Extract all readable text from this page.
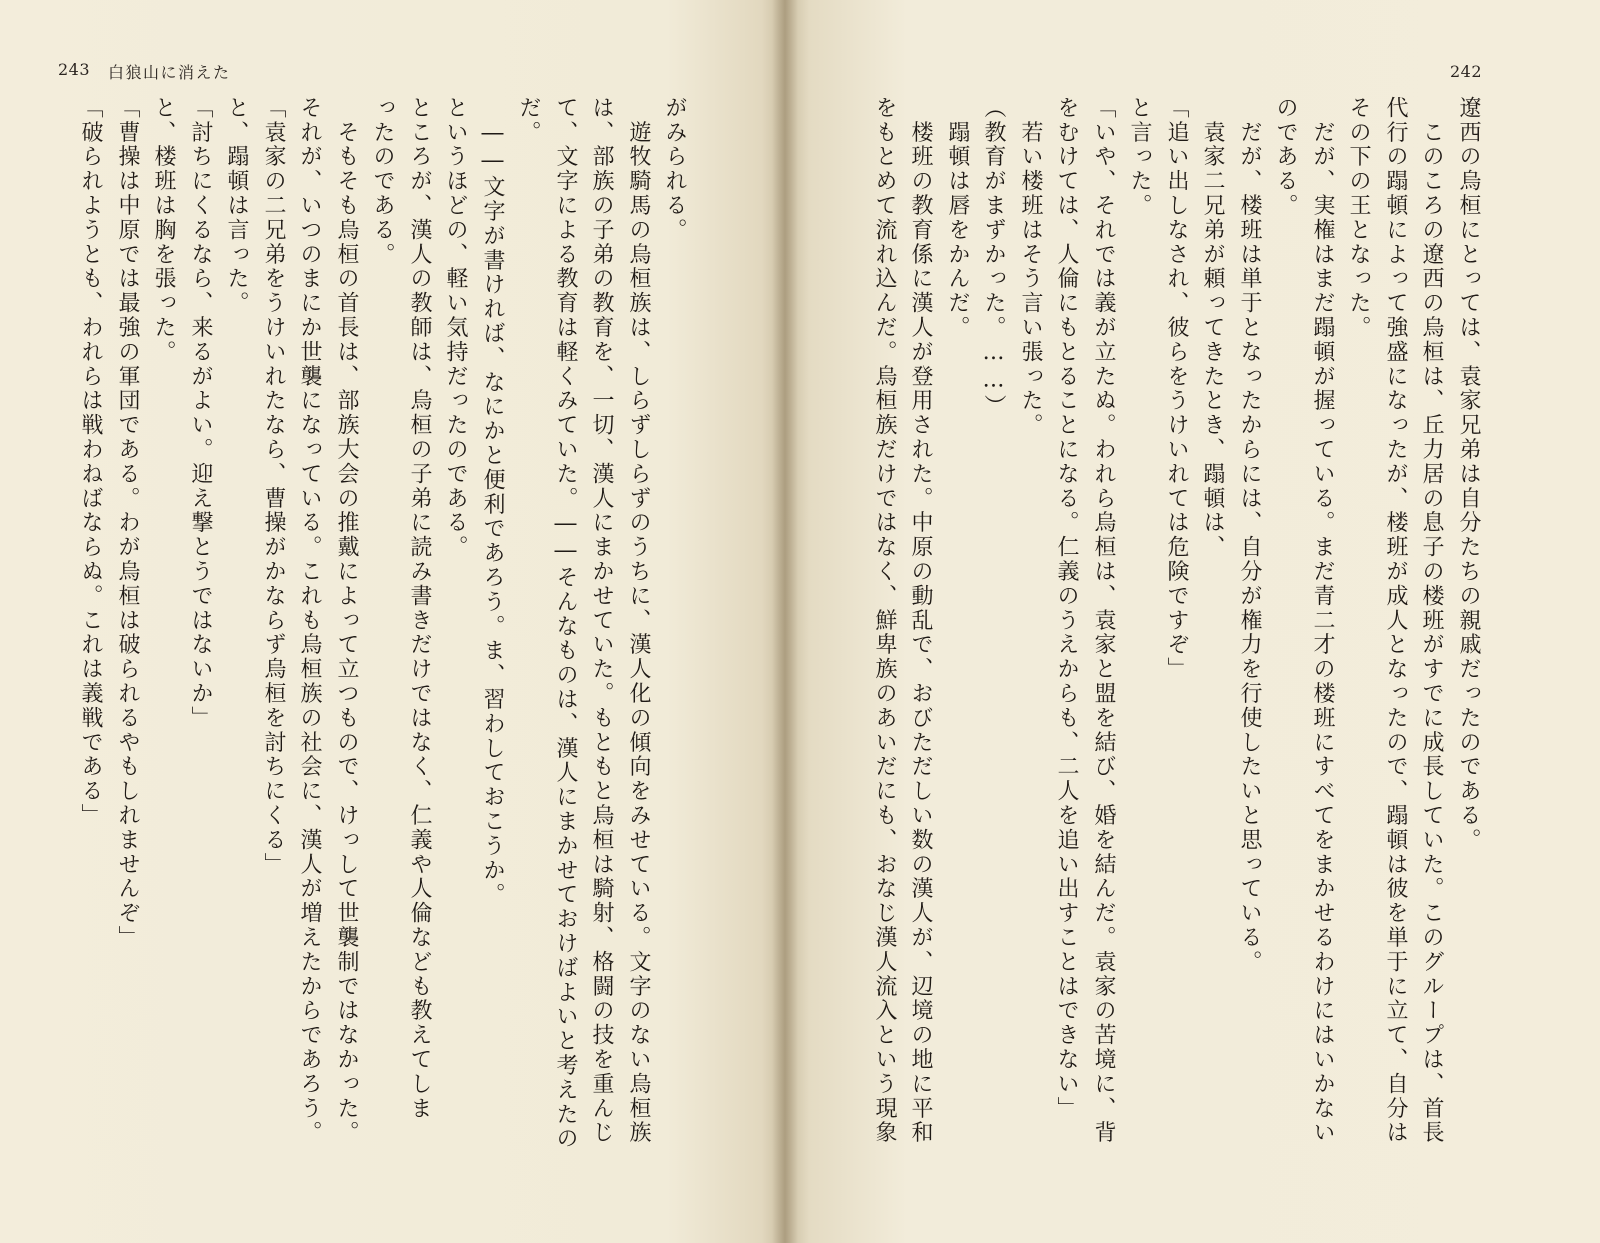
243 白狼山に消えた
がみられる。
　遊牧騎馬の烏桓族は、しらずしらずのうちに、漢人化の傾向をみせている。文字のない烏桓族
は、部族の子弟の教育を、一切、漢人にまかせていた。もともと烏桓は騎射、格闘の技を重んじ
て、文字による教育は軽くみていた。――そんなものは、漢人にまかせておけばよいと考えたの
だ。
　――文字が書ければ、なにかと便利であろう。ま、習わしておこうか。
というほどの、軽い気持だったのである。
ところが、漢人の教師は、烏桓の子弟に読み書きだけではなく、仁義や人倫なども教えてしま
ったのである。
　そもそも烏桓の首長は、部族大会の推戴によって立つもので、けっして世襲制ではなかった。
それが、いつのまにか世襲になっている。これも烏桓族の社会に、漢人が増えたからであろう。
「袁家の二兄弟をうけいれたなら、曹操がかならず烏桓を討ちにくる」
と、蹋頓は言った。
「討ちにくるなら、来るがよい。迎え撃とうではないか」
と、楼班は胸を張った。
「曹操は中原では最強の軍団である。わが烏桓は破られるやもしれませんぞ」
「破られようとも、われらは戦わねばならぬ。これは義戦である」
242
遼西の烏桓にとっては、袁家兄弟は自分たちの親戚だったのである。
　このころの遼西の烏桓は、丘力居の息子の楼班がすでに成長していた。このグループは、首長
代行の蹋頓によって強盛になったが、楼班が成人となったので、蹋頓は彼を単于に立て、自分は
その下の王となった。
　だが、実権はまだ蹋頓が握っている。まだ青二才の楼班にすべてをまかせるわけにはいかない
のである。
　だが、楼班は単于となったからには、自分が権力を行使したいと思っている。
　袁家二兄弟が頼ってきたとき、蹋頓は、
「追い出しなされ、彼らをうけいれては危険ですぞ」
と言った。
「いや、それでは義が立たぬ。われら烏桓は、袁家と盟を結び、婚を結んだ。袁家の苦境に、背
をむけては、人倫にもとることになる。仁義のうえからも、二人を追い出すことはできない」
　若い楼班はそう言い張った。
（教育がまずかった。……）
　蹋頓は唇をかんだ。
　楼班の教育係に漢人が登用された。中原の動乱で、おびただしい数の漢人が、辺境の地に平和
をもとめて流れ込んだ。烏桓族だけではなく、鮮卑族のあいだにも、おなじ漢人流入という現象
